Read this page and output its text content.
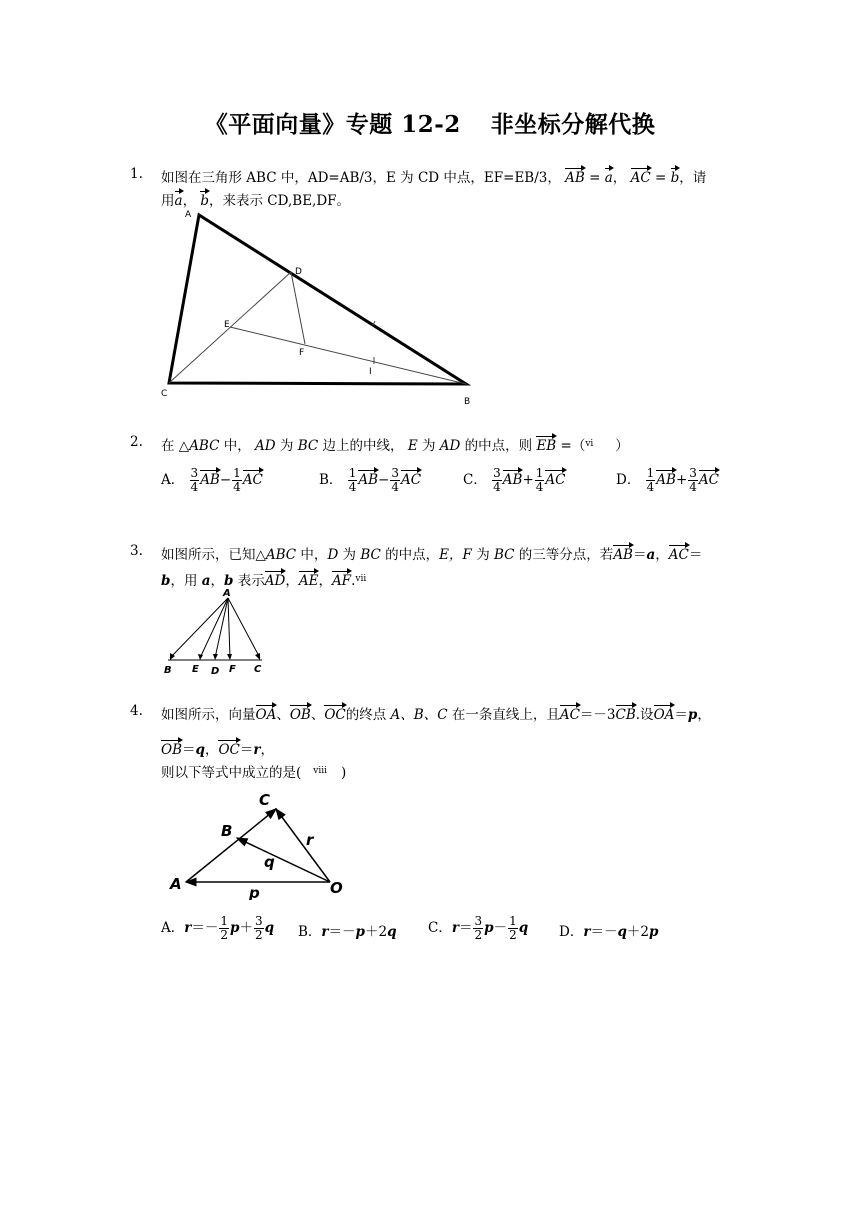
《平面向量》专题 12-2 非坐标分解代换
1. 如图在三角形 ABC 中，AD=AB/3，E 为 CD 中点，EF=EB/3， AB = a， AC = b，请
用a， b，来表示 CD,BE,DF。
A
D
E
F
I
C
B
2. 在 △ABC 中， AD 为 BC 边上的中线， E 为 AD 的中点，则 EB =（$^{vi}$ ）
A． $\frac{3}{4} AB- \frac{1}{4}$ AC	B． $\frac{1}{4} AB- \frac{3}{4}$ AC	C． $\frac{3}{4} AB+ \frac{1}{4}$ AC	D． $\frac{1}{4} AB+ \frac{3}{4}$ AC
3. 如图所示，已知△ABC 中，D 为 BC 的中点，E，F 为 BC 的三等分点，若AB＝a，AC＝
b，用 a，b 表示AD，AE，AF.$^{vii}$
A
B E D F C
4. 如图所示，向量OA、OB、OC的终点 A、B、C 在一条直线上，且AC＝－3CB.设OA＝p，
OB＝q，OC＝r，
则以下等式中成立的是( $^{viii}$ )
C
B	r
q
A	p	O
A．$r=- \frac{1}{2} p+ \frac{3}{2}$ q B．r＝－p＋2q C．$r= \frac{3}{2} p- \frac{1}{2}$ q D．r＝－q＋2p
